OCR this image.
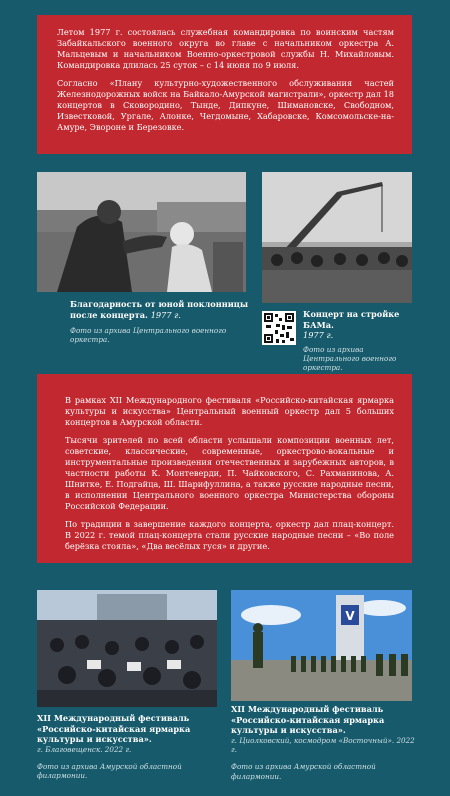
Летом 1977 г. состоялась служебная командировка по воинским частям Забайкальского военного округа во главе с начальником оркестра А. Мальцевым и начальником Военно-оркестровой службы Н. Михайловым. Командировка длилась 25 суток – с 14 июня по 9 июля.

Согласно «Плану культурно-художественного обслуживания частей Железнодорожных войск на Байкало-Амурской магистрали», оркестр дал 18 концертов в Сковородино, Тынде, Дипкуне, Шимановске, Свободном, Известковой, Ургале, Алонке, Чегдомыне, Хабаровске, Комсомольске-на-Амуре, Эвороне и Березовке.

Благодарность от юной поклонницы после концерта. 1977 г.
Фото из архива Центрального военного оркестра.
Концерт на стройке БАМа.
1977 г.
Фото из архива Центрального военного оркестра.

В рамках XII Международного фестиваля «Российско-китайская ярмарка культуры и искусства» Центральный военный оркестр дал 5 больших концертов в Амурской области.

Тысячи зрителей по всей области услышали композиции военных лет, советские, классические, современные, оркестрово-вокальные и инструментальные произведения отечественных и зарубежных авторов, в частности работы К. Монтеверди, П. Чайковского, С. Рахманинова, А. Шнитке, Е. Подгайца, Ш. Шарифуллина, а также русские народные песни, в исполнении Центрального военного оркестра Министерства обороны Российской Федерации.

По традиции в завершение каждого концерта, оркестр дал плац-концерт. В 2022 г. темой плац-концерта стали русские народные песни – «Во поле берёзка стояла», «Два весёлых гуся» и другие.

XII Международный фестиваль «Российско-китайская ярмарка культуры и искусства».
г. Благовещенск. 2022 г.
Фото из архива Амурской областной филармонии.
V
XII Международный фестиваль «Российско-китайская ярмарка культуры и искусства».
г. Циолковский, космодром «Восточный». 2022 г.
Фото из архива Амурской областной филармонии.
